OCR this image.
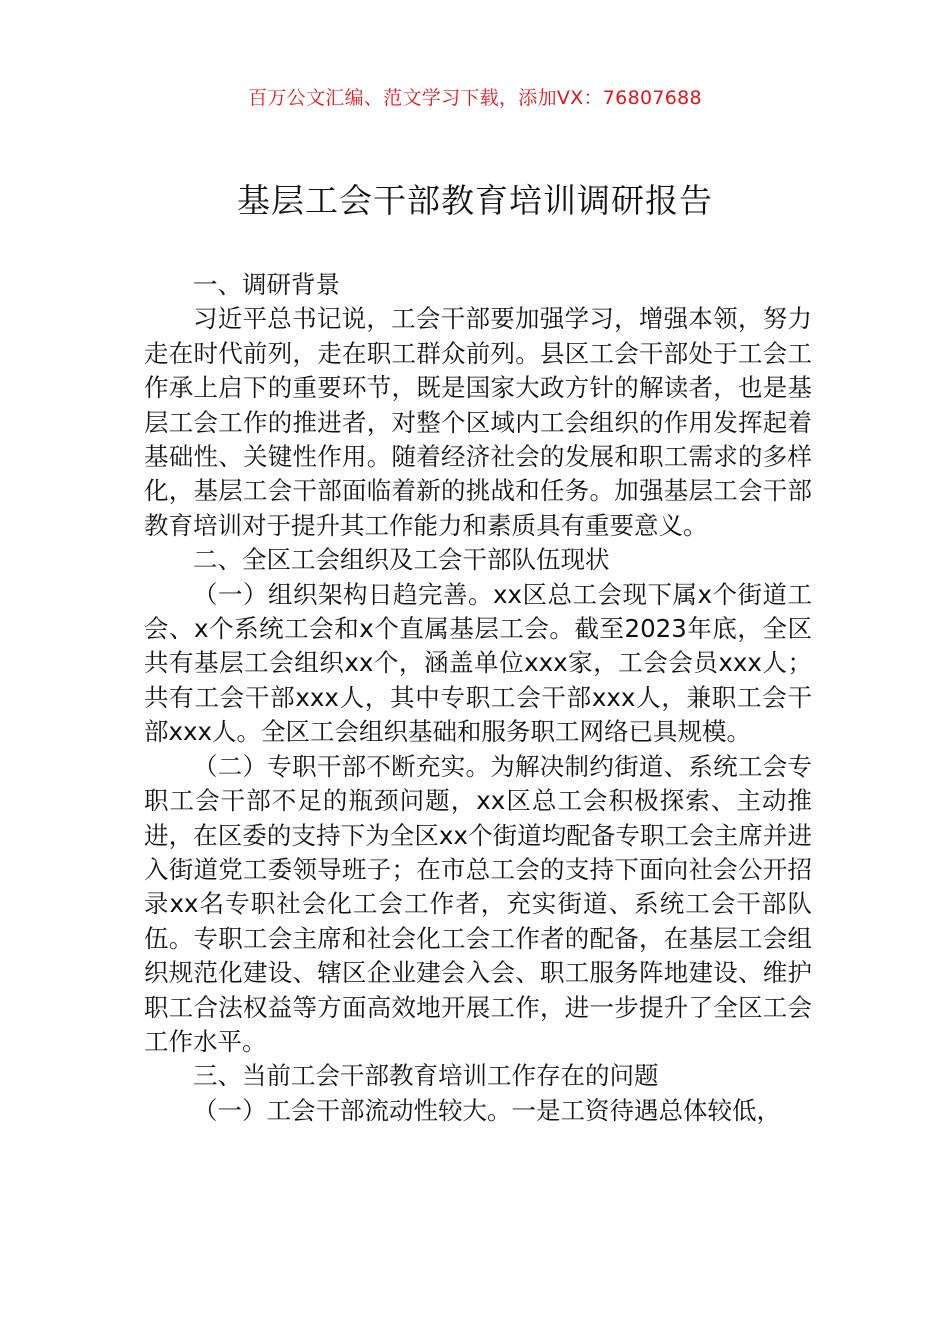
百万公文汇编、范文学习下载，添加VX：76807688
基层工会干部教育培训调研报告

一、调研背景

习近平总书记说，工会干部要加强学习，增强本领，努力走在时代前列，走在职工群众前列。县区工会干部处于工会工作承上启下的重要环节，既是国家大政方针的解读者，也是基层工会工作的推进者，对整个区域内工会组织的作用发挥起着基础性、关键性作用。随着经济社会的发展和职工需求的多样化，基层工会干部面临着新的挑战和任务。加强基层工会干部教育培训对于提升其工作能力和素质具有重要意义。

二、全区工会组织及工会干部队伍现状

（一）组织架构日趋完善。xx区总工会现下属x个街道工会、x个系统工会和x个直属基层工会。截至2023年底，全区共有基层工会组织xx个，涵盖单位xxx家，工会会员xxx人；共有工会干部xxx人，其中专职工会干部xxx人，兼职工会干部xxx人。全区工会组织基础和服务职工网络已具规模。

（二）专职干部不断充实。为解决制约街道、系统工会专职工会干部不足的瓶颈问题，xx区总工会积极探索、主动推进，在区委的支持下为全区xx个街道均配备专职工会主席并进入街道党工委领导班子；在市总工会的支持下面向社会公开招录xx名专职社会化工会工作者，充实街道、系统工会干部队伍。专职工会主席和社会化工会工作者的配备，在基层工会组织规范化建设、辖区企业建会入会、职工服务阵地建设、维护职工合法权益等方面高效地开展工作，进一步提升了全区工会工作水平。

三、当前工会干部教育培训工作存在的问题

（一）工会干部流动性较大。一是工资待遇总体较低，
